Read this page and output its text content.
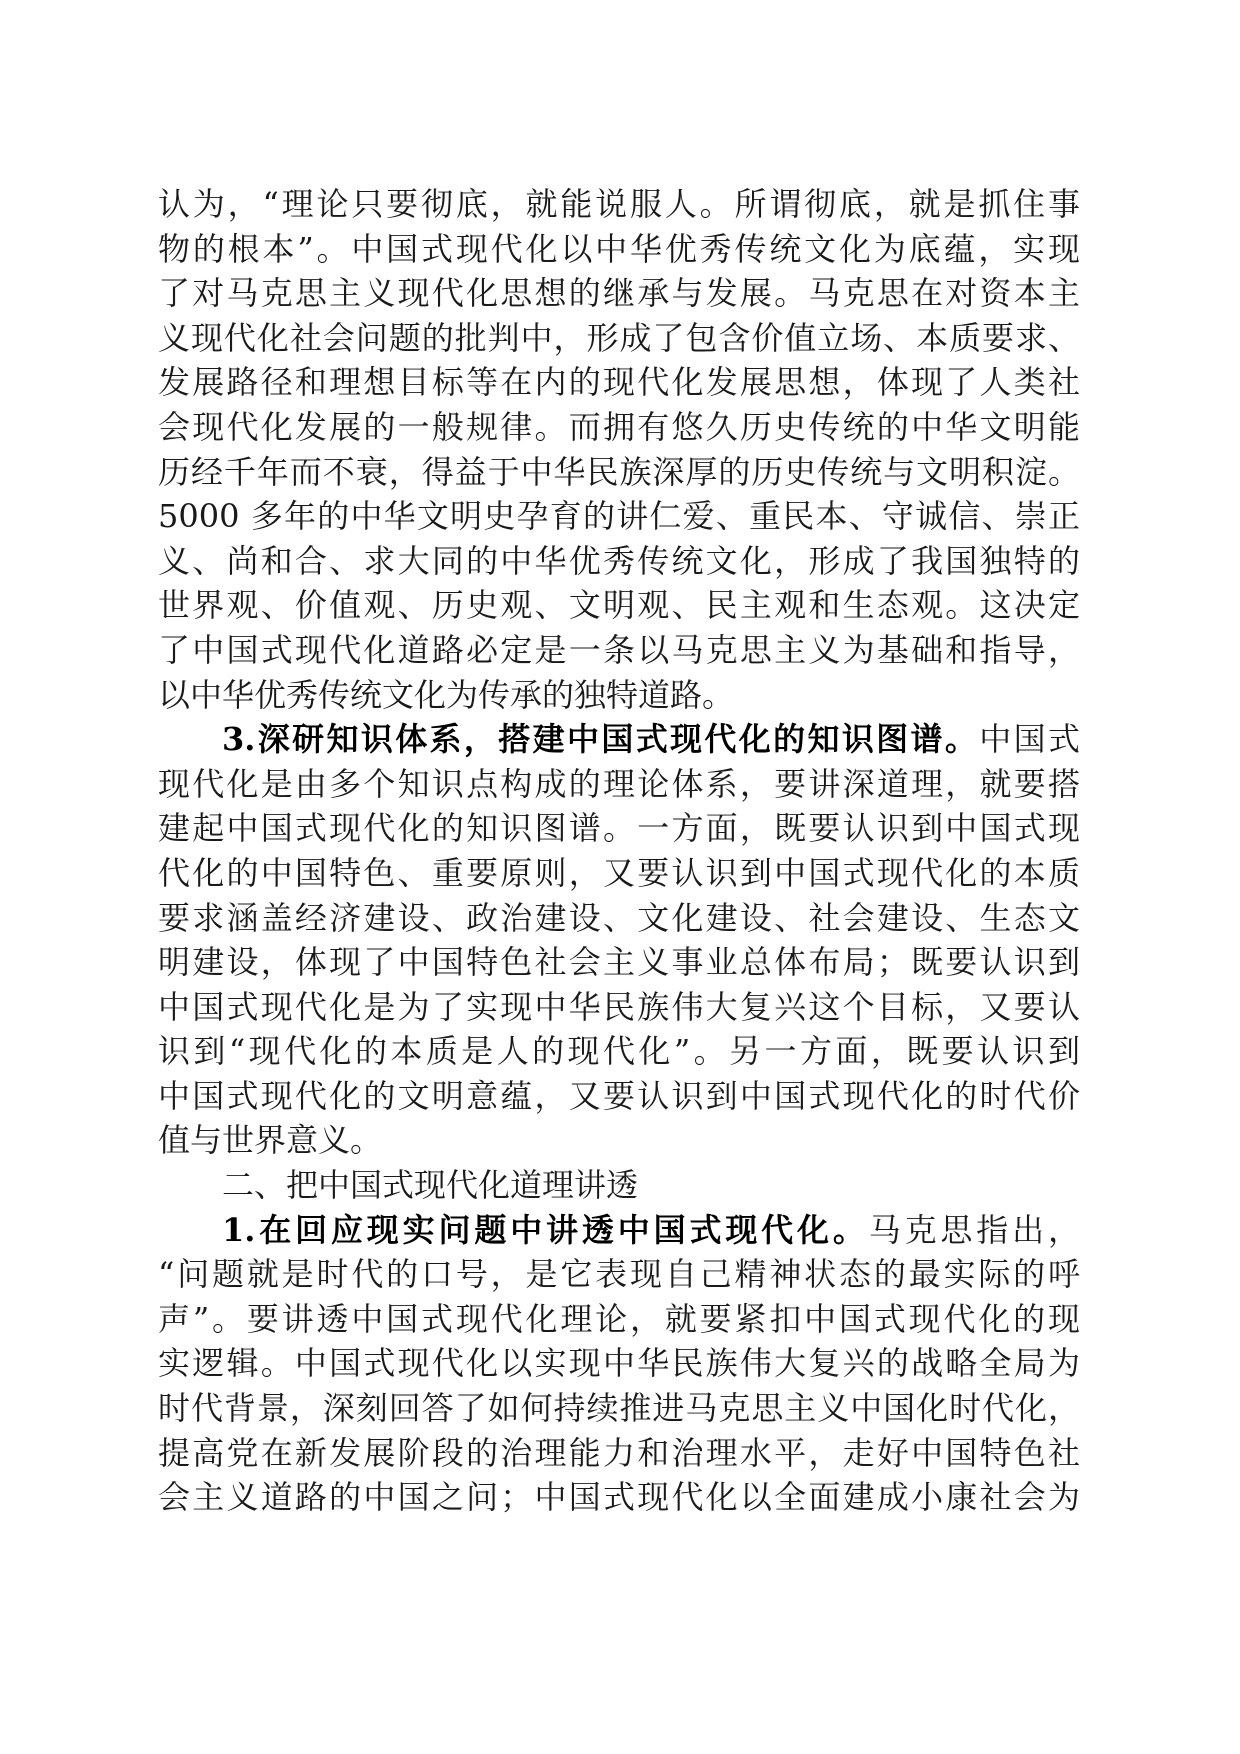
认为，“理论只要彻底，就能说服人。所谓彻底，就是抓住事
物的根本”。中国式现代化以中华优秀传统文化为底蕴，实现
了对马克思主义现代化思想的继承与发展。马克思在对资本主
义现代化社会问题的批判中，形成了包含价值立场、本质要求、
发展路径和理想目标等在内的现代化发展思想，体现了人类社
会现代化发展的一般规律。而拥有悠久历史传统的中华文明能
历经千年而不衰，得益于中华民族深厚的历史传统与文明积淀。
5000 多年的中华文明史孕育的讲仁爱、重民本、守诚信、崇正
义、尚和合、求大同的中华优秀传统文化，形成了我国独特的
世界观、价值观、历史观、文明观、民主观和生态观。这决定
了中国式现代化道路必定是一条以马克思主义为基础和指导，
以中华优秀传统文化为传承的独特道路。
3.深研知识体系，搭建中国式现代化的知识图谱。中国式
现代化是由多个知识点构成的理论体系，要讲深道理，就要搭
建起中国式现代化的知识图谱。一方面，既要认识到中国式现
代化的中国特色、重要原则，又要认识到中国式现代化的本质
要求涵盖经济建设、政治建设、文化建设、社会建设、生态文
明建设，体现了中国特色社会主义事业总体布局；既要认识到
中国式现代化是为了实现中华民族伟大复兴这个目标，又要认
识到“现代化的本质是人的现代化”。另一方面，既要认识到
中国式现代化的文明意蕴，又要认识到中国式现代化的时代价
值与世界意义。
二、把中国式现代化道理讲透
1.在回应现实问题中讲透中国式现代化。马克思指出，
“问题就是时代的口号，是它表现自己精神状态的最实际的呼
声”。要讲透中国式现代化理论，就要紧扣中国式现代化的现
实逻辑。中国式现代化以实现中华民族伟大复兴的战略全局为
时代背景，深刻回答了如何持续推进马克思主义中国化时代化，
提高党在新发展阶段的治理能力和治理水平，走好中国特色社
会主义道路的中国之问；中国式现代化以全面建成小康社会为
